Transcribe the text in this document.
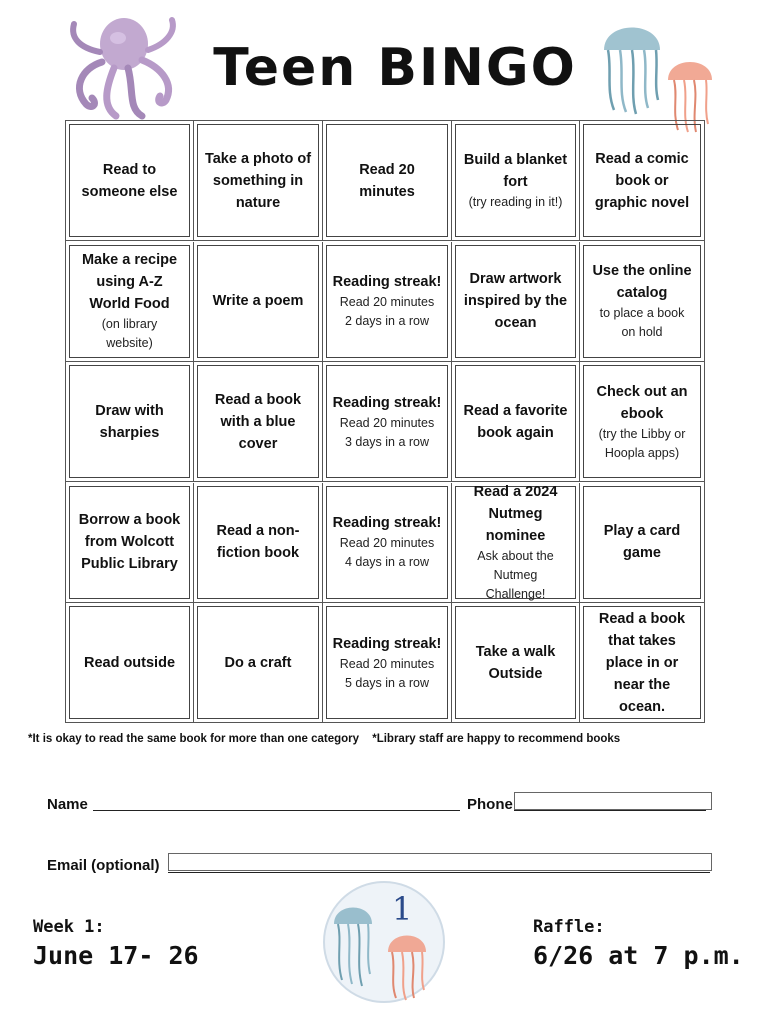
Teen BINGO
Read to
someone else
Take a photo of
something in
nature
Read 20
minutes
Build a blanket
fort
(try reading in it!)
Read a comic
book or
graphic novel
Make a recipe
using A-Z
World Food
(on library
website)
Write a poem
Reading streak!
Read 20 minutes
2 days in a row
Draw artwork
inspired by the
ocean
Use the online
catalog
to place a book
on hold
Draw with
sharpies
Read a book
with a blue
cover
Reading streak!
Read 20 minutes
3 days in a row
Read a favorite
book again
Check out an
ebook
(try the Libby or
Hoopla apps)
Borrow a book
from Wolcott
Public Library
Read a non-
fiction book
Reading streak!
Read 20 minutes
4 days in a row
Read a 2024
Nutmeg
nominee
Ask about the
Nutmeg
Challenge!
Play a card
game
Read outside	Do a craft
Reading streak!
Read 20 minutes
5 days in a row
Take a walk
Outside
Read a book
that takes
place in or
near the
ocean.
*It is okay to read the same book for more than one category *Library staff are happy to recommend books
Name	Phone
Email (optional)
Week 1:
June 17- 26
Raffle:
6/26 at 7 p.m.
1
